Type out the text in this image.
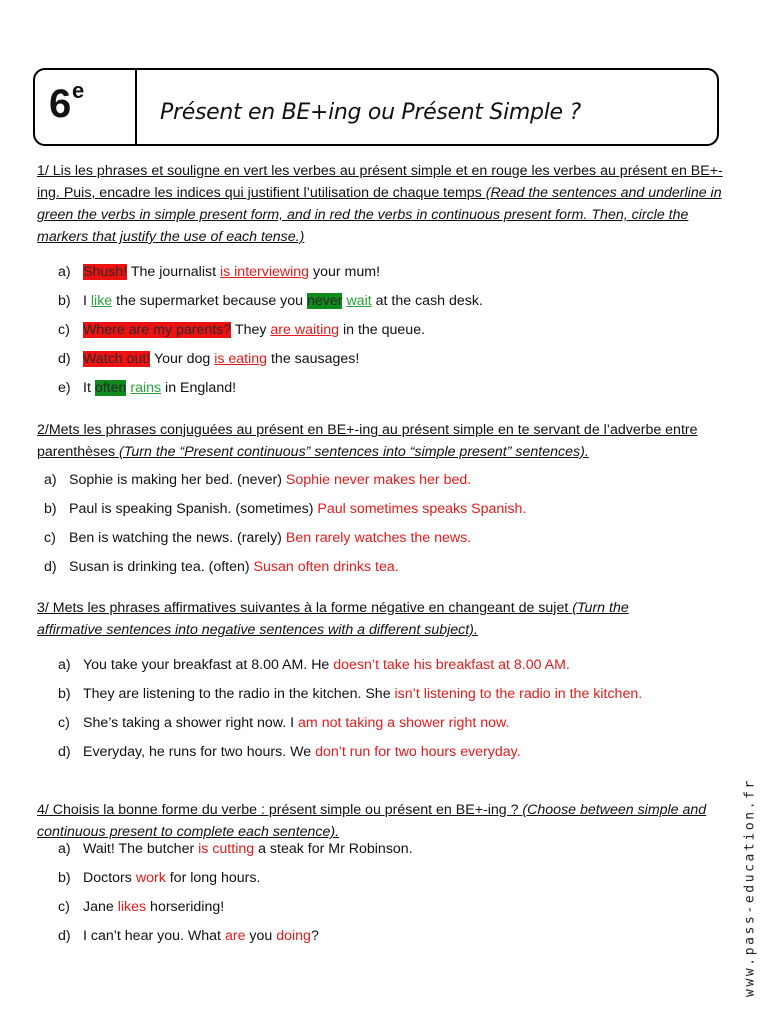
6 e
Présent en BE+ing ou Présent Simple ?
1/ Lis les phrases et souligne en vert les verbes au présent simple et en rouge les verbes au présent en BE+-ing. Puis, encadre les indices qui justifient l’utilisation de chaque temps (Read the sentences and underline in green the verbs in simple present form, and in red the verbs in continuous present form. Then, circle the markers that justify the use of each tense.)
a) Shush! The journalist is interviewing your mum!
b) I like the supermarket because you never wait at the cash desk.
c) Where are my parents? They are waiting in the queue.
d) Watch out! Your dog is eating the sausages!
e) It often rains in England!
2/Mets les phrases conjuguées au présent en BE+-ing au présent simple en te servant de l’adverbe entre parenthèses (Turn the “Present continuous” sentences into “simple present” sentences).
a) Sophie is making her bed. (never) Sophie never makes her bed.
b) Paul is speaking Spanish. (sometimes) Paul sometimes speaks Spanish.
c) Ben is watching the news. (rarely) Ben rarely watches the news.
d) Susan is drinking tea. (often) Susan often drinks tea.
3/ Mets les phrases affirmatives suivantes à la forme négative en changeant de sujet (Turn the affirmative sentences into negative sentences with a different subject).
a) You take your breakfast at 8.00 AM. He doesn’t take his breakfast at 8.00 AM.
b) They are listening to the radio in the kitchen. She isn’t listening to the radio in the kitchen.
c) She’s taking a shower right now. I am not taking a shower right now.
d) Everyday, he runs for two hours. We don’t run for two hours everyday.
4/ Choisis la bonne forme du verbe : présent simple ou présent en BE+-ing ? (Choose between simple and continuous present to complete each sentence).
a) Wait! The butcher is cutting a steak for Mr Robinson.
b) Doctors work for long hours.
c) Jane likes horseriding!
d) I can’t hear you. What are you doing?	www.pass-education.fr
